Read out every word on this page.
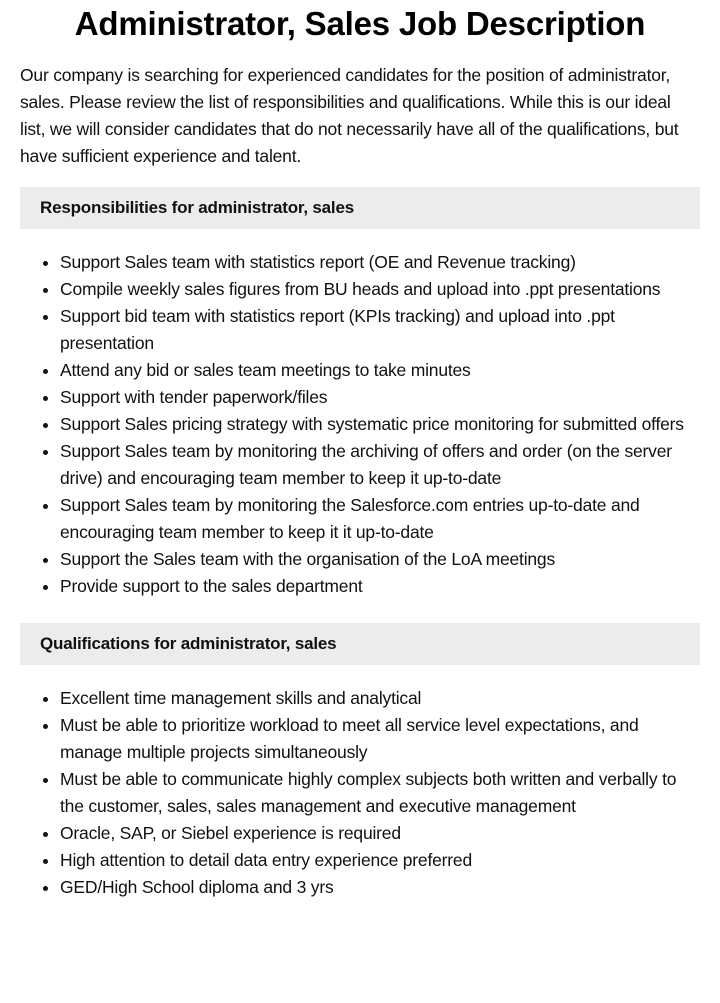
Administrator, Sales Job Description

Our company is searching for experienced candidates for the position of administrator, sales. Please review the list of responsibilities and qualifications. While this is our ideal list, we will consider candidates that do not necessarily have all of the qualifications, but have sufficient experience and talent.

Responsibilities for administrator, sales
Support Sales team with statistics report (OE and Revenue tracking)
Compile weekly sales figures from BU heads and upload into .ppt presentations
Support bid team with statistics report (KPIs tracking) and upload into .ppt presentation
Attend any bid or sales team meetings to take minutes
Support with tender paperwork/files
Support Sales pricing strategy with systematic price monitoring for submitted offers
Support Sales team by monitoring the archiving of offers and order (on the server drive) and encouraging team member to keep it up-to-date
Support Sales team by monitoring the Salesforce.com entries up-to-date and encouraging team member to keep it it up-to-date
Support the Sales team with the organisation of the LoA meetings
Provide support to the sales department
Qualifications for administrator, sales
Excellent time management skills and analytical
Must be able to prioritize workload to meet all service level expectations, and manage multiple projects simultaneously
Must be able to communicate highly complex subjects both written and verbally to the customer, sales, sales management and executive management
Oracle, SAP, or Siebel experience is required
High attention to detail data entry experience preferred
GED/High School diploma and 3 yrs
